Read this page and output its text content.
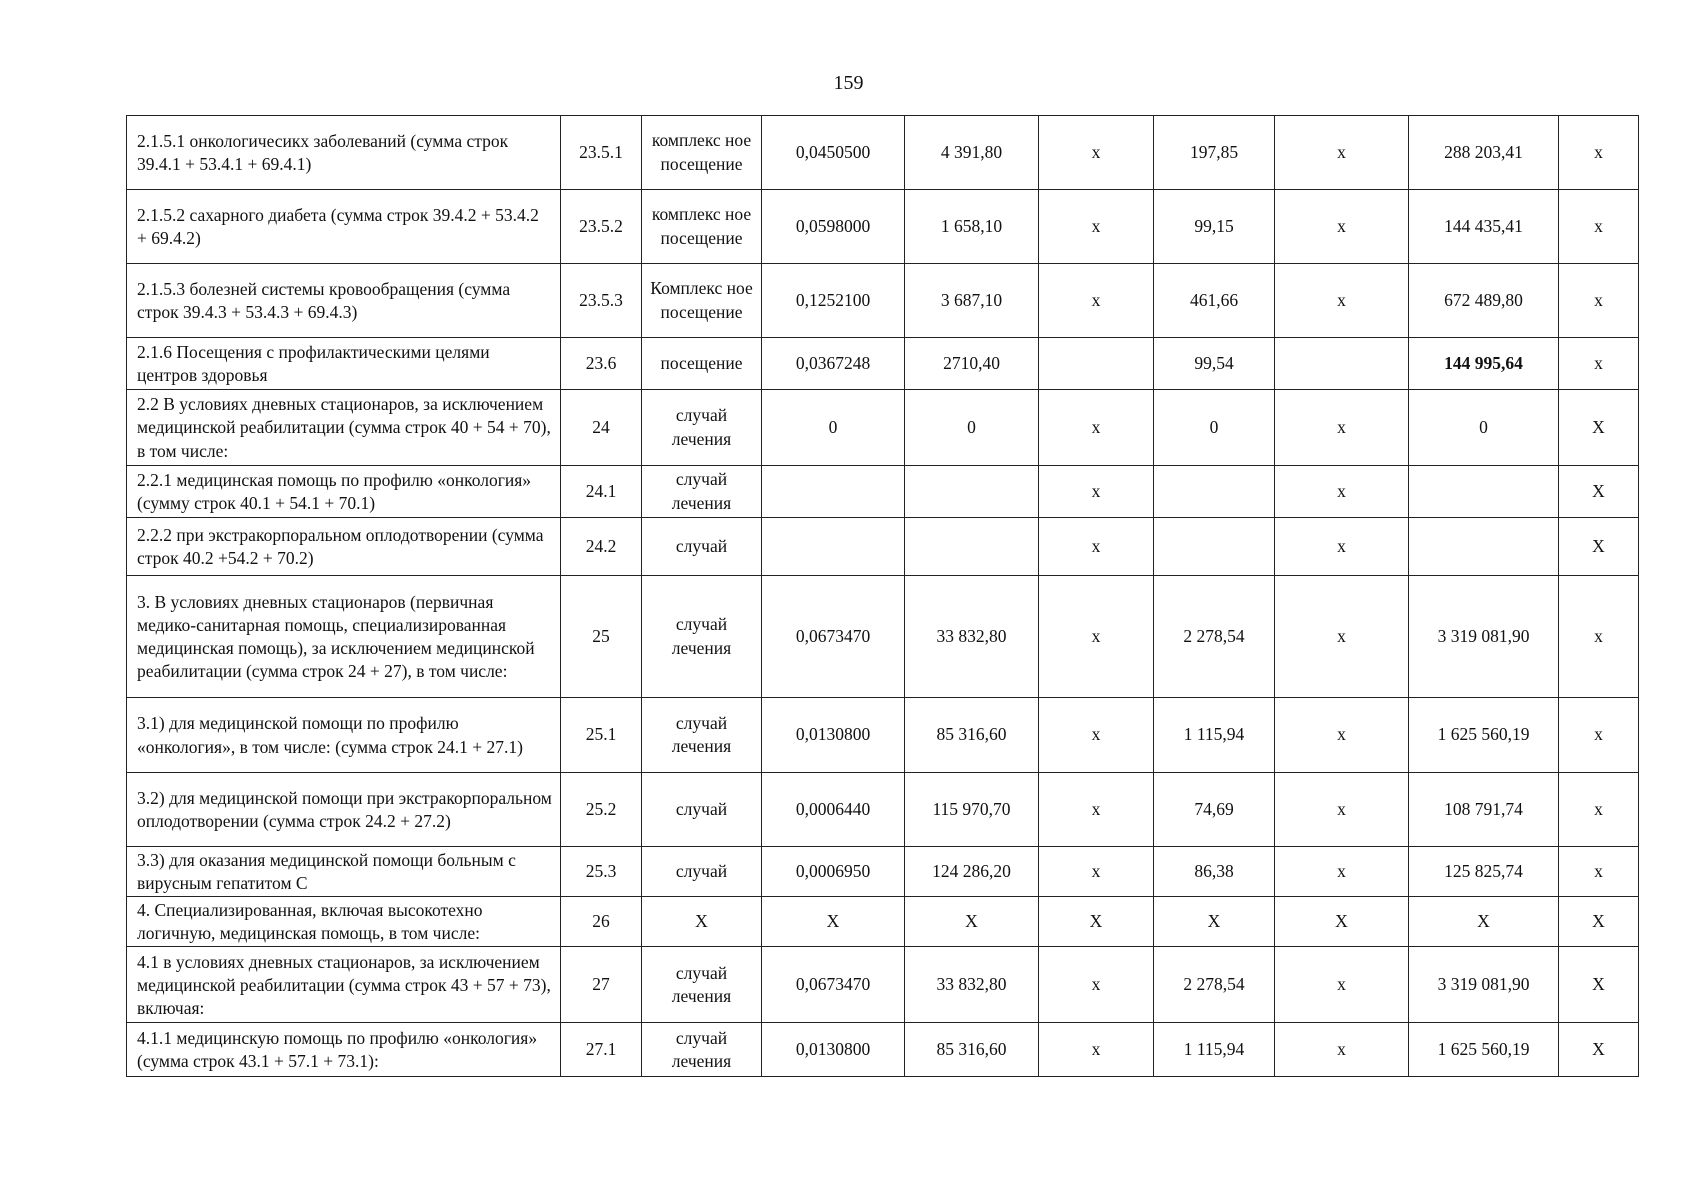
159
2.1.5.1 онкологичесикх заболеваний (сумма строк 39.4.1 + 53.4.1 + 69.4.1)	23.5.1	комплекс ное посещение	0,0450500	4 391,80	x	197,85	x	288 203,41	x
2.1.5.2 сахарного диабета (сумма строк 39.4.2 + 53.4.2 + 69.4.2)	23.5.2	комплекс ное посещение	0,0598000	1 658,10	x	99,15	x	144 435,41	x
2.1.5.3 болезней системы кровообращения (сумма строк 39.4.3 + 53.4.3 + 69.4.3)	23.5.3	Комплекс ное посещение	0,1252100	3 687,10	x	461,66	x	672 489,80	x
2.1.6 Посещения с профилактическими целями центров здоровья	23.6	посещение	0,0367248	2710,40		99,54		144 995,64	x
2.2 В условиях дневных стационаров, за исключением медицинской реабилитации (сумма строк 40 + 54 + 70), в том числе:	24	случай лечения	0	0	x	0	x	0	X
2.2.1 медицинская помощь по профилю «онкология» (сумму строк 40.1 + 54.1 + 70.1)	24.1	случай лечения			x		x		X
2.2.2 при экстракорпоральном оплодотворении (сумма строк 40.2 +54.2 + 70.2)	24.2	случай			x		x		X
3. В условиях дневных стационаров (первичная медико-санитарная помощь, специализированная медицинская помощь), за исключением медицинской реабилитации (сумма строк 24 + 27), в том числе:	25	случай лечения	0,0673470	33 832,80	x	2 278,54	x	3 319 081,90	x
3.1) для медицинской помощи по профилю «онкология», в том числе: (сумма строк 24.1 + 27.1)	25.1	случай лечения	0,0130800	85 316,60	x	1 115,94	x	1 625 560,19	x
3.2) для медицинской помощи при экстракорпоральном оплодотворении (сумма строк 24.2 + 27.2)	25.2	случай	0,0006440	115 970,70	x	74,69	x	108 791,74	x
3.3) для оказания медицинской помощи больным с вирусным гепатитом С	25.3	случай	0,0006950	124 286,20	x	86,38	x	125 825,74	x
4. Специализированная, включая высокотехно логичную, медицинская помощь, в том числе:	26	X	X	X	X	X	X	X	X
4.1 в условиях дневных стационаров, за исключением медицинской реабилитации (сумма строк 43 + 57 + 73), включая:	27	случай лечения	0,0673470	33 832,80	x	2 278,54	x	3 319 081,90	X
4.1.1 медицинскую помощь по профилю «онкология» (сумма строк 43.1 + 57.1 + 73.1):	27.1	случай лечения	0,0130800	85 316,60	x	1 115,94	x	1 625 560,19	X
